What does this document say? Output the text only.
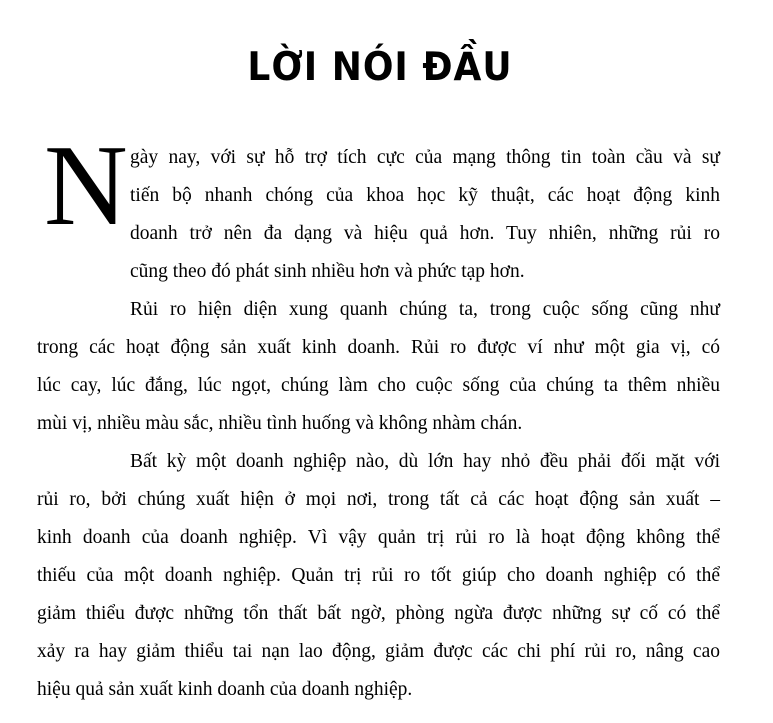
LỜI NÓI ĐẦU
N gày nay, với sự hỗ trợ tích cực của mạng thông tin toàn cầu và sự
tiến bộ nhanh chóng của khoa học kỹ thuật, các hoạt động kinh
doanh trở nên đa dạng và hiệu quả hơn. Tuy nhiên, những rủi ro
cũng theo đó phát sinh nhiều hơn và phức tạp hơn.
Rủi ro hiện diện xung quanh chúng ta, trong cuộc sống cũng như
trong các hoạt động sản xuất kinh doanh. Rủi ro được ví như một gia vị, có
lúc cay, lúc đắng, lúc ngọt, chúng làm cho cuộc sống của chúng ta thêm nhiều
mùi vị, nhiều màu sắc, nhiều tình huống và không nhàm chán.
Bất kỳ một doanh nghiệp nào, dù lớn hay nhỏ đều phải đối mặt với
rủi ro, bởi chúng xuất hiện ở mọi nơi, trong tất cả các hoạt động sản xuất –
kinh doanh của doanh nghiệp. Vì vậy quản trị rủi ro là hoạt động không thể
thiếu của một doanh nghiệp. Quản trị rủi ro tốt giúp cho doanh nghiệp có thể
giảm thiểu được những tổn thất bất ngờ, phòng ngừa được những sự cố có thể
xảy ra hay giảm thiểu tai nạn lao động, giảm được các chi phí rủi ro, nâng cao
hiệu quả sản xuất kinh doanh của doanh nghiệp.
